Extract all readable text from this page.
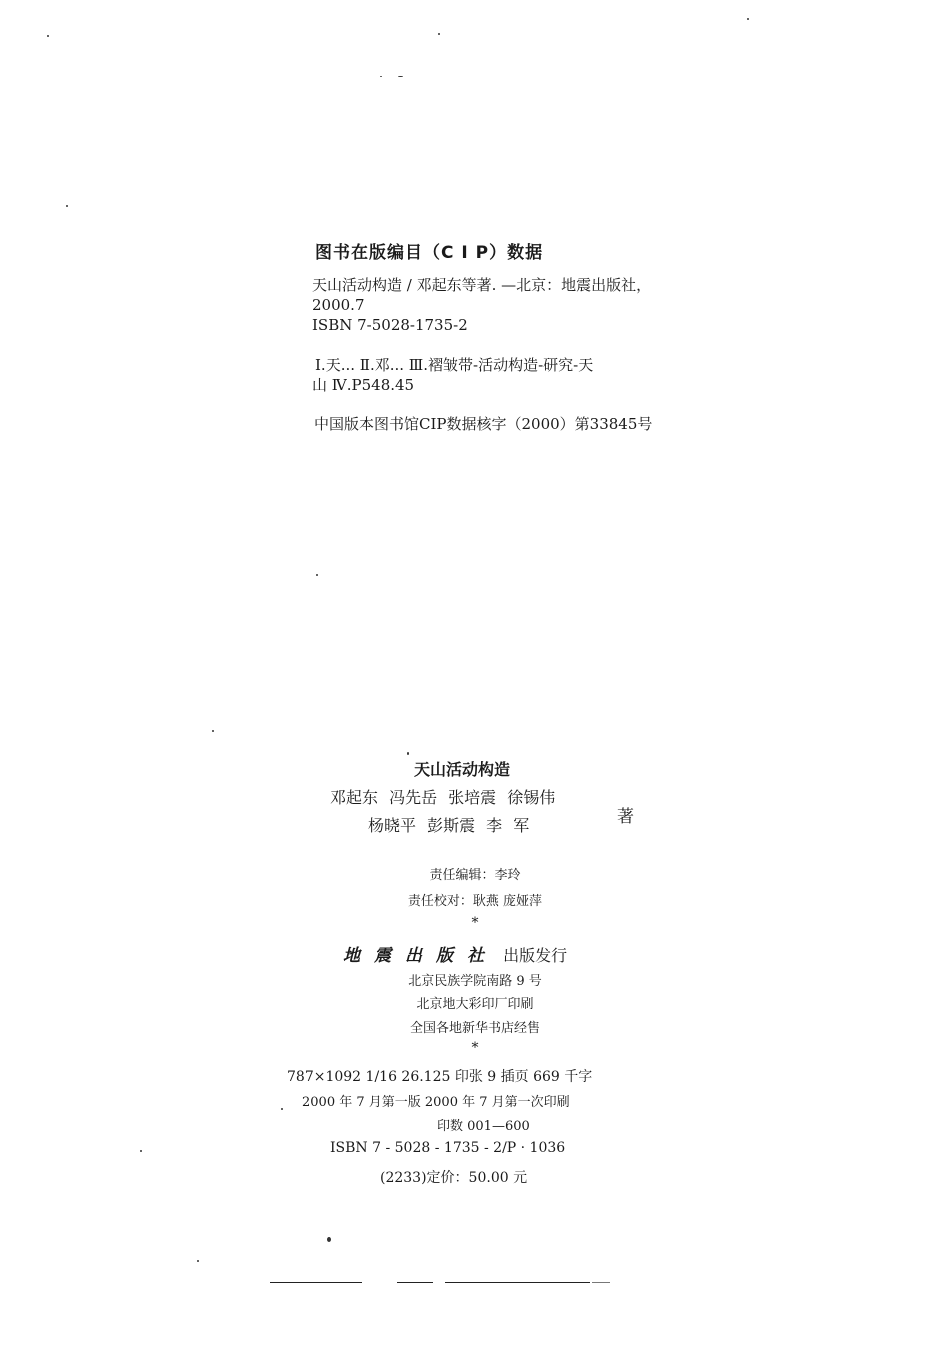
图书在版编目（C I P）数据
天山活动构造 / 邓起东等著. —北京：地震出版社，
2000.7
ISBN 7-5028-1735-2
Ⅰ.天... Ⅱ.邓... Ⅲ.褶皱带-活动构造-研究-天
山 Ⅳ.P548.45
中国版本图书馆CIP数据核字（2000）第33845号
天山活动构造
邓起东 冯先岳 张培震 徐锡伟
杨晓平 彭斯震 李 军	著
责任编辑：李玲
责任校对：耿燕 庞娅萍
*
地震出版社 出版发行
北京民族学院南路 9 号
北京地大彩印厂印刷
全国各地新华书店经售
*
787×1092 1/16 26.125 印张 9 插页 669 千字
2000 年 7 月第一版 2000 年 7 月第一次印刷
印数 001—600
ISBN 7 - 5028 - 1735 - 2/P · 1036
(2233)定价：50.00 元
